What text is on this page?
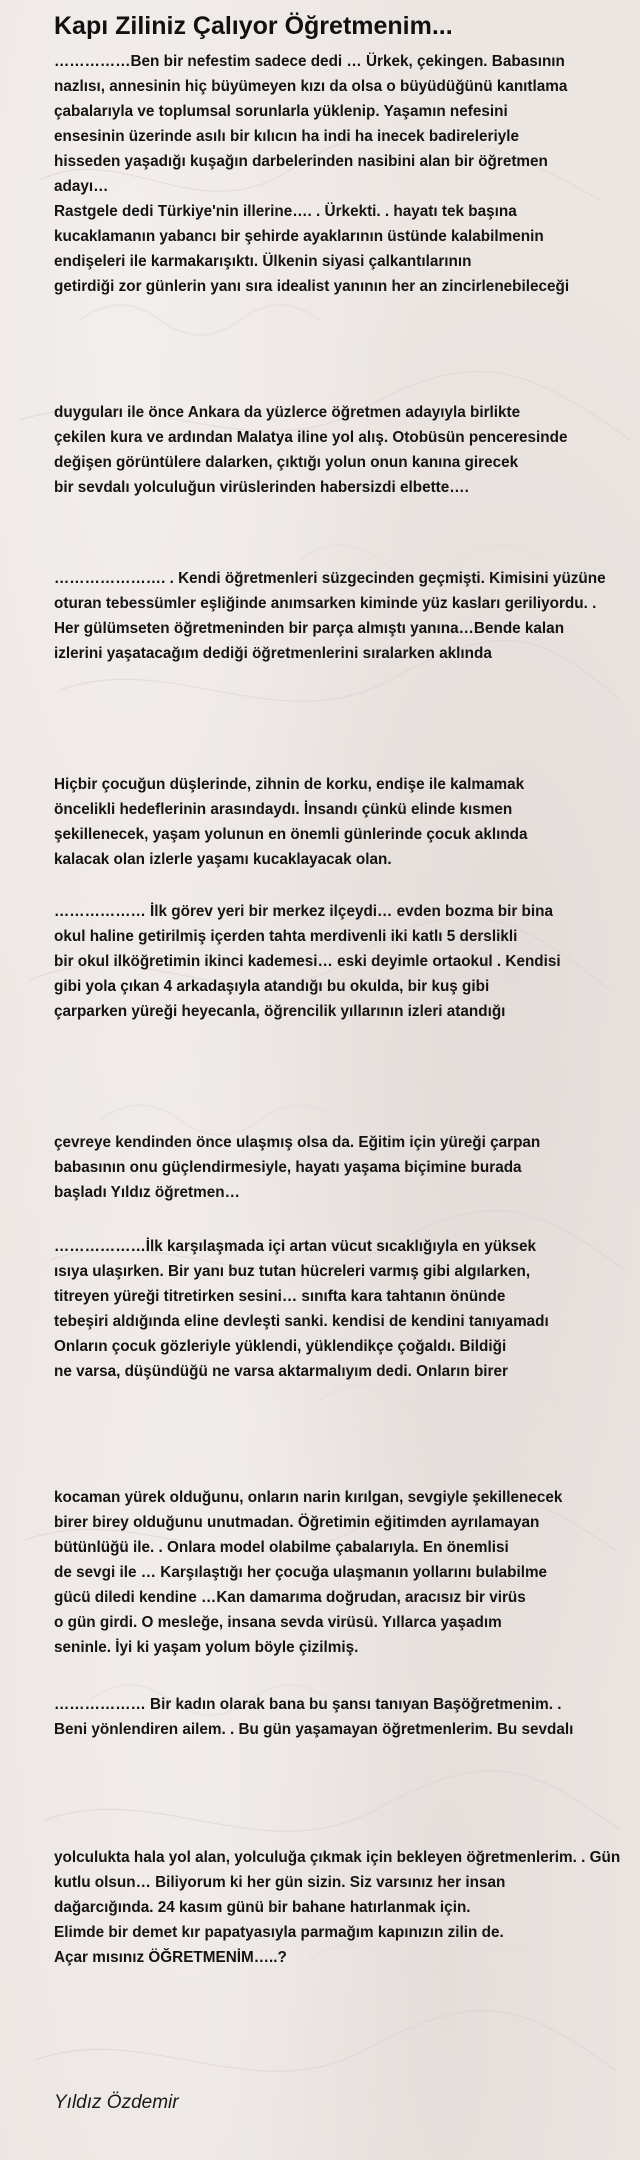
Kapı Ziliniz Çalıyor Öğretmenim...
……………Ben bir nefestim sadece dedi … Ürkek, çekingen. Babasının
nazlısı, annesinin hiç büyümeyen kızı da olsa o büyüdüğünü kanıtlama
çabalarıyla ve toplumsal sorunlarla yüklenip. Yaşamın nefesini
ensesinin üzerinde asılı bir kılıcın ha indi ha inecek badireleriyle
hisseden yaşadığı kuşağın darbelerinden nasibini alan bir öğretmen
adayı…
Rastgele dedi Türkiye'nin illerine…. . Ürkekti. . hayatı tek başına
kucaklamanın yabancı bir şehirde ayaklarının üstünde kalabilmenin
endişeleri ile karmakarışıktı. Ülkenin siyasi çalkantılarının
getirdiği zor günlerin yanı sıra idealist yanının her an zincirlenebileceği
duyguları ile önce Ankara da yüzlerce öğretmen adayıyla birlikte
çekilen kura ve ardından Malatya iline yol alış. Otobüsün penceresinde
değişen görüntülere dalarken, çıktığı yolun onun kanına girecek
bir sevdalı yolculuğun virüslerinden habersizdi elbette….
…………………. . Kendi öğretmenleri süzgecinden geçmişti. Kimisini yüzüne
oturan tebessümler eşliğinde anımsarken kiminde yüz kasları geriliyordu. .
Her gülümseten öğretmeninden bir parça almıştı yanına…Bende kalan
izlerini yaşatacağım dediği öğretmenlerini sıralarken aklında
Hiçbir çocuğun düşlerinde, zihnin de korku, endişe ile kalmamak
öncelikli hedeflerinin arasındaydı. İnsandı çünkü elinde kısmen
şekillenecek, yaşam yolunun en önemli günlerinde çocuk aklında
kalacak olan izlerle yaşamı kucaklayacak olan.
……………… İlk görev yeri bir merkez ilçeydi… evden bozma bir bina
okul haline getirilmiş içerden tahta merdivenli iki katlı 5 derslikli
bir okul ilköğretimin ikinci kademesi… eski deyimle ortaokul . Kendisi
gibi yola çıkan 4 arkadaşıyla atandığı bu okulda, bir kuş gibi
çarparken yüreği heyecanla, öğrencilik yıllarının izleri atandığı
çevreye kendinden önce ulaşmış olsa da. Eğitim için yüreği çarpan
babasının onu güçlendirmesiyle, hayatı yaşama biçimine burada
başladı Yıldız öğretmen…
………………İlk karşılaşmada içi artan vücut sıcaklığıyla en yüksek
ısıya ulaşırken. Bir yanı buz tutan hücreleri varmış gibi algılarken,
titreyen yüreği titretirken sesini… sınıfta kara tahtanın önünde
tebeşiri aldığında eline devleşti sanki. kendisi de kendini tanıyamadı
Onların çocuk gözleriyle yüklendi, yüklendikçe çoğaldı. Bildiği
ne varsa, düşündüğü ne varsa aktarmalıyım dedi. Onların birer
kocaman yürek olduğunu, onların narin kırılgan, sevgiyle şekillenecek
birer birey olduğunu unutmadan. Öğretimin eğitimden ayrılamayan
bütünlüğü ile. . Onlara model olabilme çabalarıyla. En önemlisi
de sevgi ile … Karşılaştığı her çocuğa ulaşmanın yollarını bulabilme
gücü diledi kendine …Kan damarıma doğrudan, aracısız bir virüs
o gün girdi. O mesleğe, insana sevda virüsü. Yıllarca yaşadım
seninle. İyi ki yaşam yolum böyle çizilmiş.
……………… Bir kadın olarak bana bu şansı tanıyan Başöğretmenim. .
Beni yönlendiren ailem. . Bu gün yaşamayan öğretmenlerim. Bu sevdalı
yolculukta hala yol alan, yolculuğa çıkmak için bekleyen öğretmenlerim. . Gün
kutlu olsun… Biliyorum ki her gün sizin. Siz varsınız her insan
dağarcığında. 24 kasım günü bir bahane hatırlanmak için.
Elimde bir demet kır papatyasıyla parmağım kapınızın zilin de.
Açar mısınız ÖĞRETMENİM…..?

Yıldız Özdemir
